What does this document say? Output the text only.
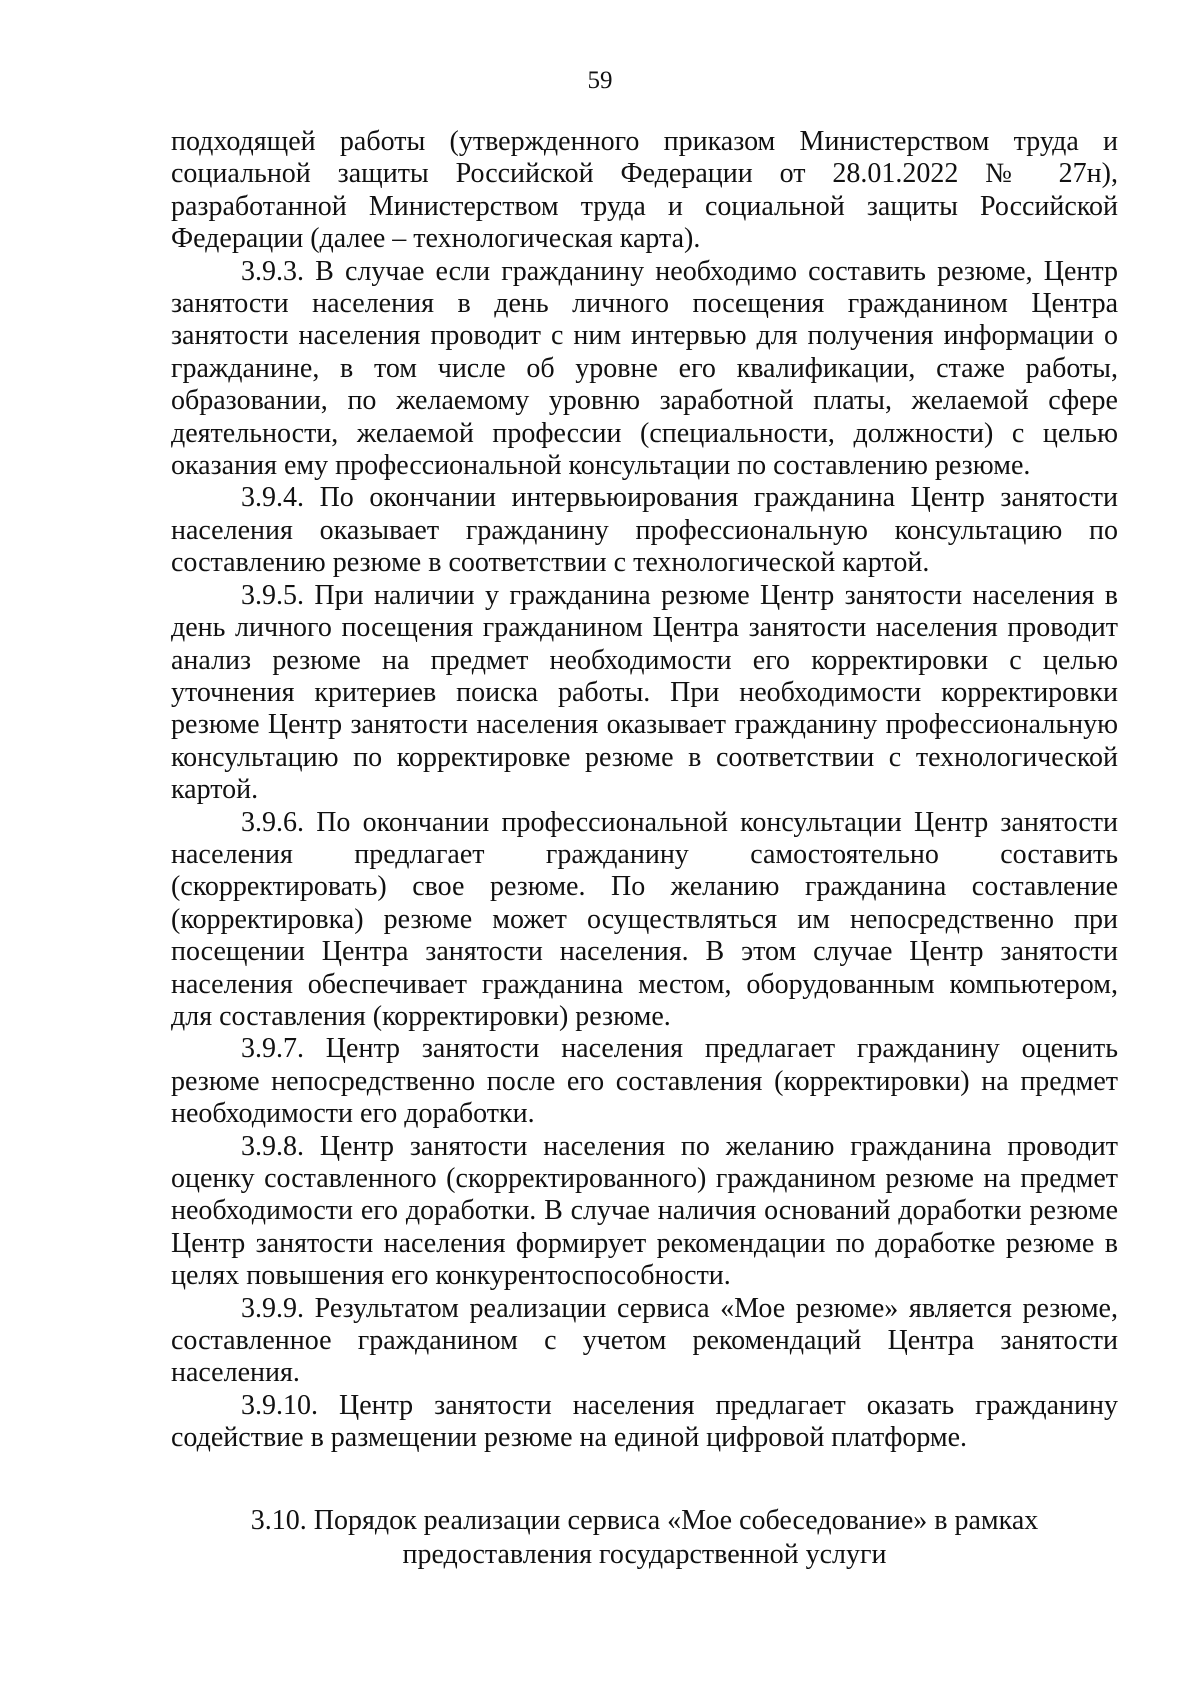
59

подходящей работы (утвержденного приказом Министерством труда и социальной защиты Российской Федерации от 28.01.2022 № 27н), разработанной Министерством труда и социальной защиты Российской Федерации (далее – технологическая карта).

3.9.3. В случае если гражданину необходимо составить резюме, Центр занятости населения в день личного посещения гражданином Центра занятости населения проводит с ним интервью для получения информации о гражданине, в том числе об уровне его квалификации, стаже работы, образовании, по желаемому уровню заработной платы, желаемой сфере деятельности, желаемой профессии (специальности, должности) с целью оказания ему профессиональной консультации по составлению резюме.

3.9.4. По окончании интервьюирования гражданина Центр занятости населения оказывает гражданину профессиональную консультацию по составлению резюме в соответствии с технологической картой.

3.9.5. При наличии у гражданина резюме Центр занятости населения в день личного посещения гражданином Центра занятости населения проводит анализ резюме на предмет необходимости его корректировки с целью уточнения критериев поиска работы. При необходимости корректировки резюме Центр занятости населения оказывает гражданину профессиональную консультацию по корректировке резюме в соответствии с технологической картой.

3.9.6. По окончании профессиональной консультации Центр занятости населения предлагает гражданину самостоятельно составить (скорректировать) свое резюме. По желанию гражданина составление (корректировка) резюме может осуществляться им непосредственно при посещении Центра занятости населения. В этом случае Центр занятости населения обеспечивает гражданина местом, оборудованным компьютером, для составления (корректировки) резюме.

3.9.7. Центр занятости населения предлагает гражданину оценить резюме непосредственно после его составления (корректировки) на предмет необходимости его доработки.

3.9.8. Центр занятости населения по желанию гражданина проводит оценку составленного (скорректированного) гражданином резюме на предмет необходимости его доработки. В случае наличия оснований доработки резюме Центр занятости населения формирует рекомендации по доработке резюме в целях повышения его конкурентоспособности.

3.9.9. Результатом реализации сервиса «Мое резюме» является резюме, составленное гражданином с учетом рекомендаций Центра занятости населения.

3.9.10. Центр занятости населения предлагает оказать гражданину содействие в размещении резюме на единой цифровой платформе.

3.10. Порядок реализации сервиса «Мое собеседование» в рамках
предоставления государственной услуги
